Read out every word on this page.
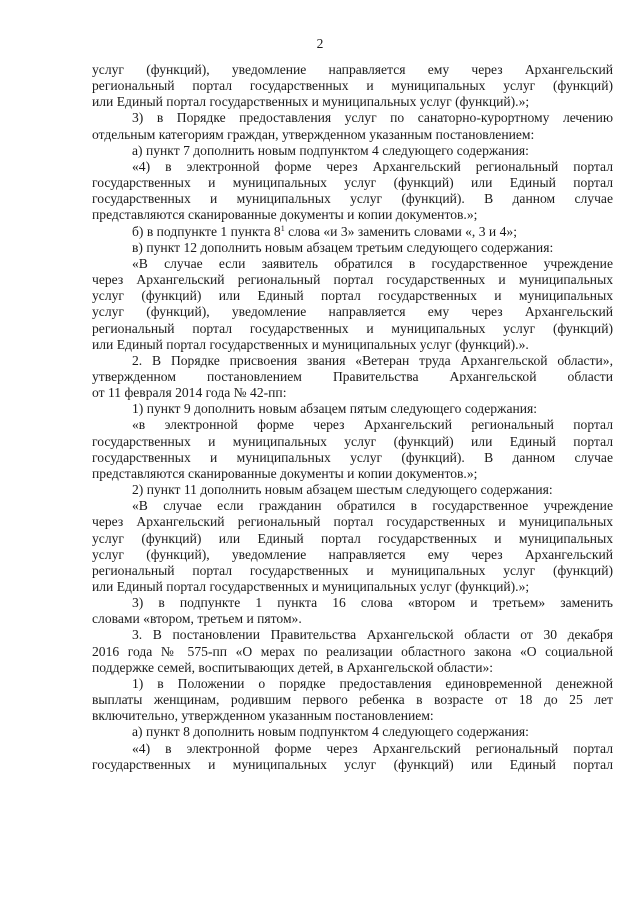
2

услуг (функций), уведомление направляется ему через Архангельский

региональный портал государственных и муниципальных услуг (функций)

или Единый портал государственных и муниципальных услуг (функций).»;

3) в Порядке предоставления услуг по санаторно-курортному лечению

отдельным категориям граждан, утвержденном указанным постановлением:

а) пункт 7 дополнить новым подпунктом 4 следующего содержания:

«4) в электронной форме через Архангельский региональный портал

государственных и муниципальных услуг (функций) или Единый портал

государственных и муниципальных услуг (функций). В данном случае

представляются сканированные документы и копии документов.»;

б) в подпункте 1 пункта $8^1$ слова «и 3» заменить словами «, 3 и 4»;

в) пункт 12 дополнить новым абзацем третьим следующего содержания:

«В случае если заявитель обратился в государственное учреждение

через Архангельский региональный портал государственных и муниципальных

услуг (функций) или Единый портал государственных и муниципальных

услуг (функций), уведомление направляется ему через Архангельский

региональный портал государственных и муниципальных услуг (функций)

или Единый портал государственных и муниципальных услуг (функций).».

2. В Порядке присвоения звания «Ветеран труда Архангельской области»,

утвержденном постановлением Правительства Архангельской области

от 11 февраля 2014 года № 42-пп:

1) пункт 9 дополнить новым абзацем пятым следующего содержания:

«в электронной форме через Архангельский региональный портал

государственных и муниципальных услуг (функций) или Единый портал

государственных и муниципальных услуг (функций). В данном случае

представляются сканированные документы и копии документов.»;

2) пункт 11 дополнить новым абзацем шестым следующего содержания:

«В случае если гражданин обратился в государственное учреждение

через Архангельский региональный портал государственных и муниципальных

услуг (функций) или Единый портал государственных и муниципальных

услуг (функций), уведомление направляется ему через Архангельский

региональный портал государственных и муниципальных услуг (функций)

или Единый портал государственных и муниципальных услуг (функций).»;

3) в подпункте 1 пункта 16 слова «втором и третьем» заменить

словами «втором, третьем и пятом».

3. В постановлении Правительства Архангельской области от 30 декабря

2016 года № 575-пп «О мерах по реализации областного закона «О социальной

поддержке семей, воспитывающих детей, в Архангельской области»:

1) в Положении о порядке предоставления единовременной денежной

выплаты женщинам, родившим первого ребенка в возрасте от 18 до 25 лет

включительно, утвержденном указанным постановлением:

а) пункт 8 дополнить новым подпунктом 4 следующего содержания:

«4) в электронной форме через Архангельский региональный портал

государственных и муниципальных услуг (функций) или Единый портал
